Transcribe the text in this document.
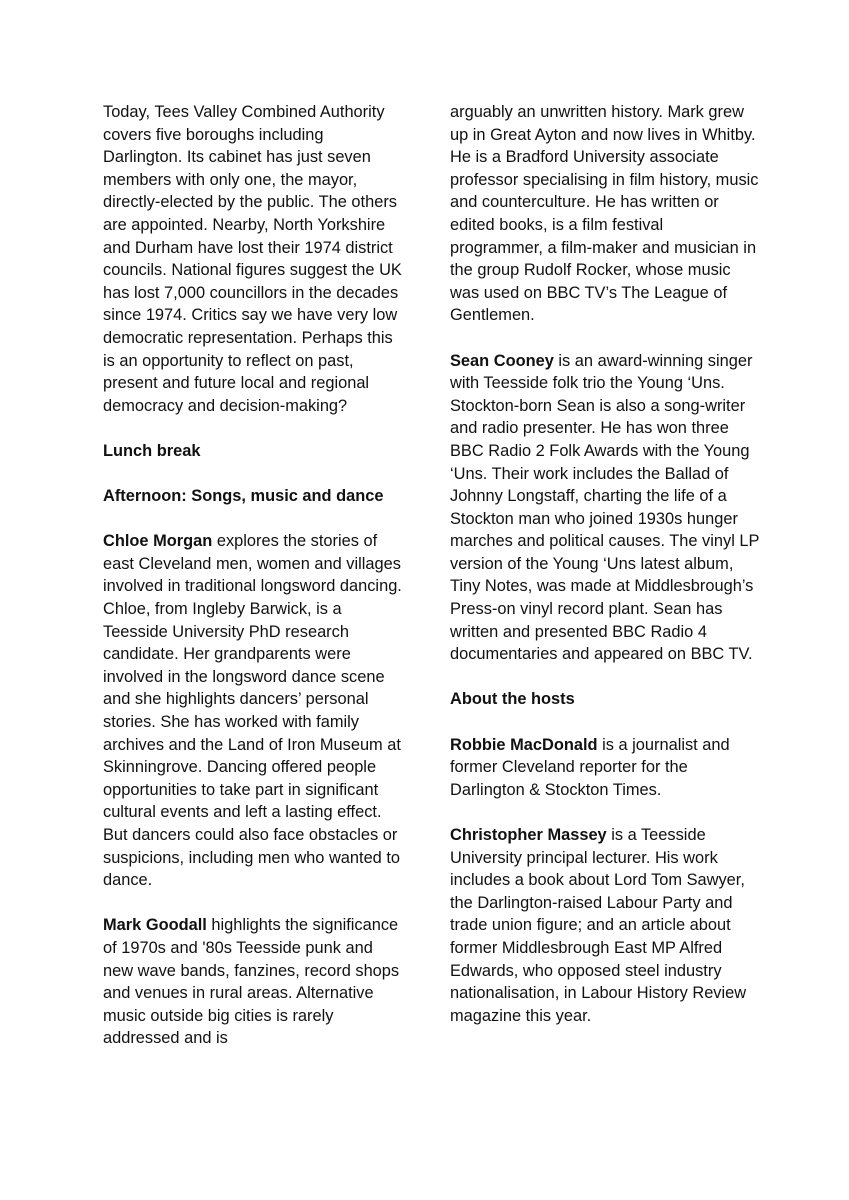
Today, Tees Valley Combined Authority covers five boroughs including Darlington. Its cabinet has just seven members with only one, the mayor, directly-elected by the public. The others are appointed. Nearby, North Yorkshire and Durham have lost their 1974 district councils. National figures suggest the UK has lost 7,000 councillors in the decades since 1974. Critics say we have very low democratic representation. Perhaps this is an opportunity to reflect on past, present and future local and regional democracy and decision-making?

Lunch break

Afternoon: Songs, music and dance

Chloe Morgan explores the stories of east Cleveland men, women and villages involved in traditional longsword dancing. Chloe, from Ingleby Barwick, is a Teesside University PhD research candidate. Her grandparents were involved in the longsword dance scene and she highlights dancers’ personal stories. She has worked with family archives and the Land of Iron Museum at Skinningrove. Dancing offered people opportunities to take part in significant cultural events and left a lasting effect. But dancers could also face obstacles or suspicions, including men who wanted to dance.

Mark Goodall highlights the significance of 1970s and '80s Teesside punk and new wave bands, fanzines, record shops and venues in rural areas. Alternative music outside big cities is rarely addressed and is

arguably an unwritten history. Mark grew up in Great Ayton and now lives in Whitby. He is a Bradford University associate professor specialising in film history, music and counterculture. He has written or edited books, is a film festival programmer, a film-maker and musician in the group Rudolf Rocker, whose music was used on BBC TV’s The League of Gentlemen.

Sean Cooney is an award-winning singer with Teesside folk trio the Young ‘Uns. Stockton-born Sean is also a song-writer and radio presenter. He has won three BBC Radio 2 Folk Awards with the Young ‘Uns. Their work includes the Ballad of Johnny Longstaff, charting the life of a Stockton man who joined 1930s hunger marches and political causes. The vinyl LP version of the Young ‘Uns latest album, Tiny Notes, was made at Middlesbrough’s Press-on vinyl record plant. Sean has written and presented BBC Radio 4 documentaries and appeared on BBC TV.

About the hosts

Robbie MacDonald is a journalist and former Cleveland reporter for the Darlington & Stockton Times.

Christopher Massey is a Teesside University principal lecturer. His work includes a book about Lord Tom Sawyer, the Darlington-raised Labour Party and trade union figure; and an article about former Middlesbrough East MP Alfred Edwards, who opposed steel industry nationalisation, in Labour History Review magazine this year.
